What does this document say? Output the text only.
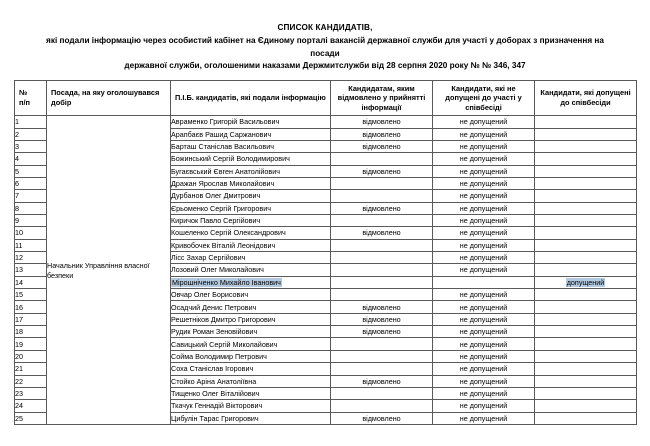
СПИСОК КАНДИДАТІВ,
які подали інформацію через особистий кабінет на Єдиному порталі вакансій державної служби для участі у доборах з призначення на посади
державної служби, оголошеними наказами Держмитслужби від 28 серпня 2020 року № № 346, 347
№
п/п	Посада, на яку оголошувався добір	П.І.Б. кандидатів, які подали інформацію	Кандидатам, яким відмовлено у прийнятті інформації	Кандидати, які не допущені до участі у співбесіді	Кандидати, які допущені до співбесіди
1	Начальник Управління власної безпеки	Авраменко Григорій Васильович	відмовлено	не допущений	
2		Арапбаєв Рашид Саржанович	відмовлено	не допущений	
3		Барташ Станіслав Васильович	відмовлено	не допущений	
4		Божинський Сергій Володимирович		не допущений	
5		Бугаєвський Євген Анатолійович	відмовлено	не допущений	
6		Дражан Ярослав Миколайович		не допущений	
7		Дурбанов Олег Дмитрович		не допущений	
8		Єрьоменко Сергій Григорович	відмовлено	не допущений	
9		Киричок Павло Сергійович		не допущений	
10		Кошеленко Сергій Олександрович	відмовлено	не допущений	
11		Кривобочек Віталій Леонідович		не допущений	
12		Лісс Захар Сергійович		не допущений	
13		Лозовий Олег Миколайович		не допущений	
14		Мірошніченко Михайло Іванович			допущений
15		Овчар Олег Борисович		не допущений	
16		Осадчий Денис Петрович	відмовлено	не допущений	
17		Решетніков Дмитро Григорович	відмовлено	не допущений	
18		Рудик Роман Зеновійович	відмовлено	не допущений	
19		Савицький Сергій Миколайович		не допущений	
20		Сойма Володимир Петрович		не допущений	
21		Соха Станіслав Ігорович		не допущений	
22		Стойко Аріна Анатоліївна	відмовлено	не допущений	
23		Тищенко Олег Віталійович		не допущений	
24		Ткачук Геннадій Вікторович		не допущений	
25		Цибулін Тарас Григорович	відмовлено	не допущений	
